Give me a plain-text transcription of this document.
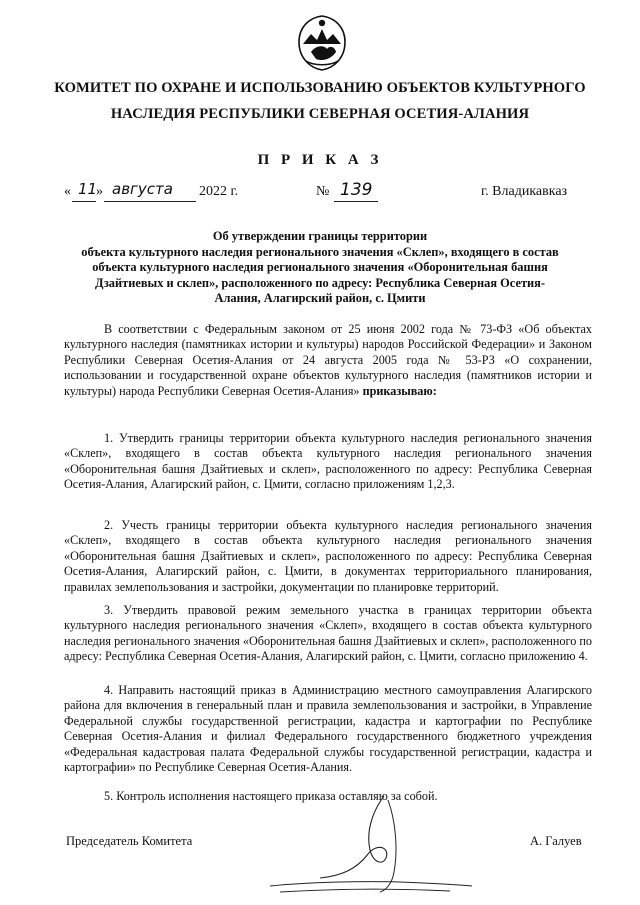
КОМИТЕТ ПО ОХРАНЕ И ИСПОЛЬЗОВАНИЮ ОБЪЕКТОВ КУЛЬТУРНОГО
НАСЛЕДИЯ РЕСПУБЛИКИ СЕВЕРНАЯ ОСЕТИЯ-АЛАНИЯ
П Р И К А З
« 11
» августа 2022 г.	№ 139	г. Владикавказ
Об утверждении границы территории
объекта культурного наследия регионального значения «Склеп», входящего в состав
объекта культурного наследия регионального значения «Оборонительная башня
Дзайтиевых и склеп», расположенного по адресу: Республика Северная Осетия-
Алания, Алагирский район, с. Цмити

В соответствии с Федеральным законом от 25 июня 2002 года № 73-ФЗ «Об объектах культурного наследия (памятниках истории и культуры) народов Российской Федерации» и Законом Республики Северная Осетия-Алания от 24 августа 2005 года № 53-РЗ «О сохранении, использовании и государственной охране объектов культурного наследия (памятников истории и культуры) народа Республики Северная Осетия-Алания» приказываю:

1. Утвердить границы территории объекта культурного наследия регионального значения «Склеп», входящего в состав объекта культурного наследия регионального значения «Оборонительная башня Дзайтиевых и склеп», расположенного по адресу: Республика Северная Осетия-Алания, Алагирский район, с. Цмити, согласно приложениям 1,2,3.

2. Учесть границы территории объекта культурного наследия регионального значения «Склеп», входящего в состав объекта культурного наследия регионального значения «Оборонительная башня Дзайтиевых и склеп», расположенного по адресу: Республика Северная Осетия-Алания, Алагирский район, с. Цмити, в документах территориального планирования, правилах землепользования и застройки, документации по планировке территорий.

3. Утвердить правовой режим земельного участка в границах территории объекта культурного наследия регионального значения «Склеп», входящего в состав объекта культурного наследия регионального значения «Оборонительная башня Дзайтиевых и склеп», расположенного по адресу: Республика Северная Осетия-Алания, Алагирский район, с. Цмити, согласно приложению 4.

4. Направить настоящий приказ в Администрацию местного самоуправления Алагирского района для включения в генеральный план и правила землепользования и застройки, в Управление Федеральной службы государственной регистрации, кадастра и картографии по Республике Северная Осетия-Алания и филиал Федерального государственного бюджетного учреждения «Федеральная кадастровая палата Федеральной службы государственной регистрации, кадастра и картографии» по Республике Северная Осетия-Алания.

5. Контроль исполнения настоящего приказа оставляю за собой.

Председатель Комитета	А. Галуев
